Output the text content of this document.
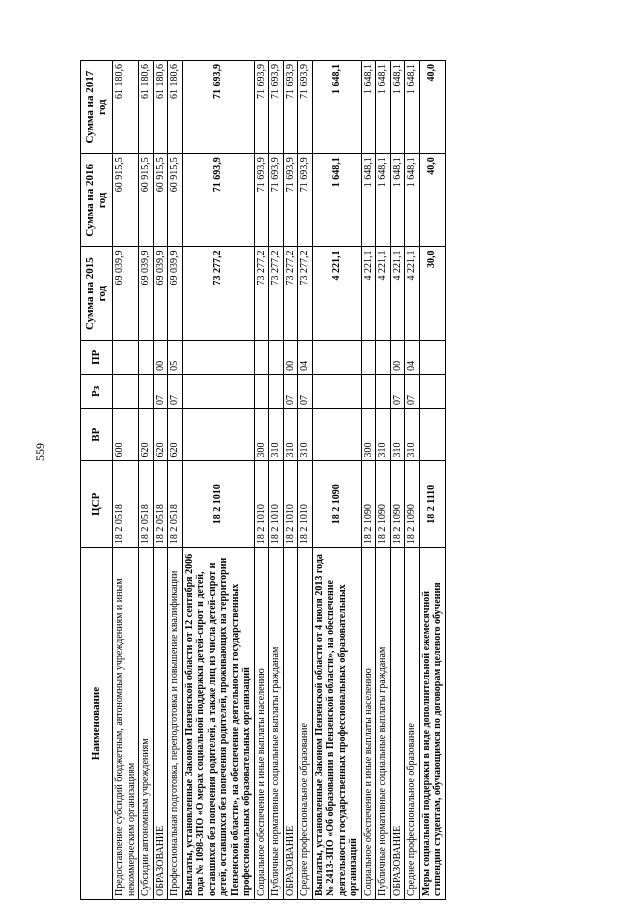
559
Наименование	ЦСР	ВР	Рз	ПР	Сумма на 2015 год	Сумма на 2016 год	Сумма на 2017 год
Предоставление субсидий бюджетным, автономным учреждениям и иным некоммерческим организациям	18 2 0518	600			69 039,9	60 915,5	61 180,6
Субсидии автономным учреждениям	18 2 0518	620			69 039,9	60 915,5	61 180,6
ОБРАЗОВАНИЕ	18 2 0518	620	07	00	69 039,9	60 915,5	61 180,6
Профессиональная подготовка, переподготовка и повышение квалификации	18 2 0518	620	07	05	69 039,9	60 915,5	61 180,6
Выплаты, установленные Законом Пензенской области от 12 сентября 2006 года № 1098-ЗПО «О мерах социальной поддержки детей-сирот и детей, оставшихся без попечения родителей, а также лиц из числа детей-сирот и детей, оставшихся без попечения родителей, проживающих на территории Пензенской области», на обеспечение деятельности государственных профессиональных образовательных организаций	18 2 1010				73 277,2	71 693,9	71 693,9
Социальное обеспечение и иные выплаты населению	18 2 1010	300			73 277,2	71 693,9	71 693,9
Публичные нормативные социальные выплаты гражданам	18 2 1010	310			73 277,2	71 693,9	71 693,9
ОБРАЗОВАНИЕ	18 2 1010	310	07	00	73 277,2	71 693,9	71 693,9
Среднее профессиональное образование	18 2 1010	310	07	04	73 277,2	71 693,9	71 693,9
Выплаты, установленные Законом Пензенской области от 4 июля 2013 года № 2413-ЗПО «Об образовании в Пензенской области», на обеспечение деятельности государственных профессиональных образовательных организаций	18 2 1090				4 221,1	1 648,1	1 648,1
Социальное обеспечение и иные выплаты населению	18 2 1090	300			4 221,1	1 648,1	1 648,1
Публичные нормативные социальные выплаты гражданам	18 2 1090	310			4 221,1	1 648,1	1 648,1
ОБРАЗОВАНИЕ	18 2 1090	310	07	00	4 221,1	1 648,1	1 648,1
Среднее профессиональное образование	18 2 1090	310	07	04	4 221,1	1 648,1	1 648,1
Меры социальной поддержки в виде дополнительной ежемесячной стипендии студентам, обучающимся по договорам целевого обучения	18 2 1110				30,0	40,0	40,0
